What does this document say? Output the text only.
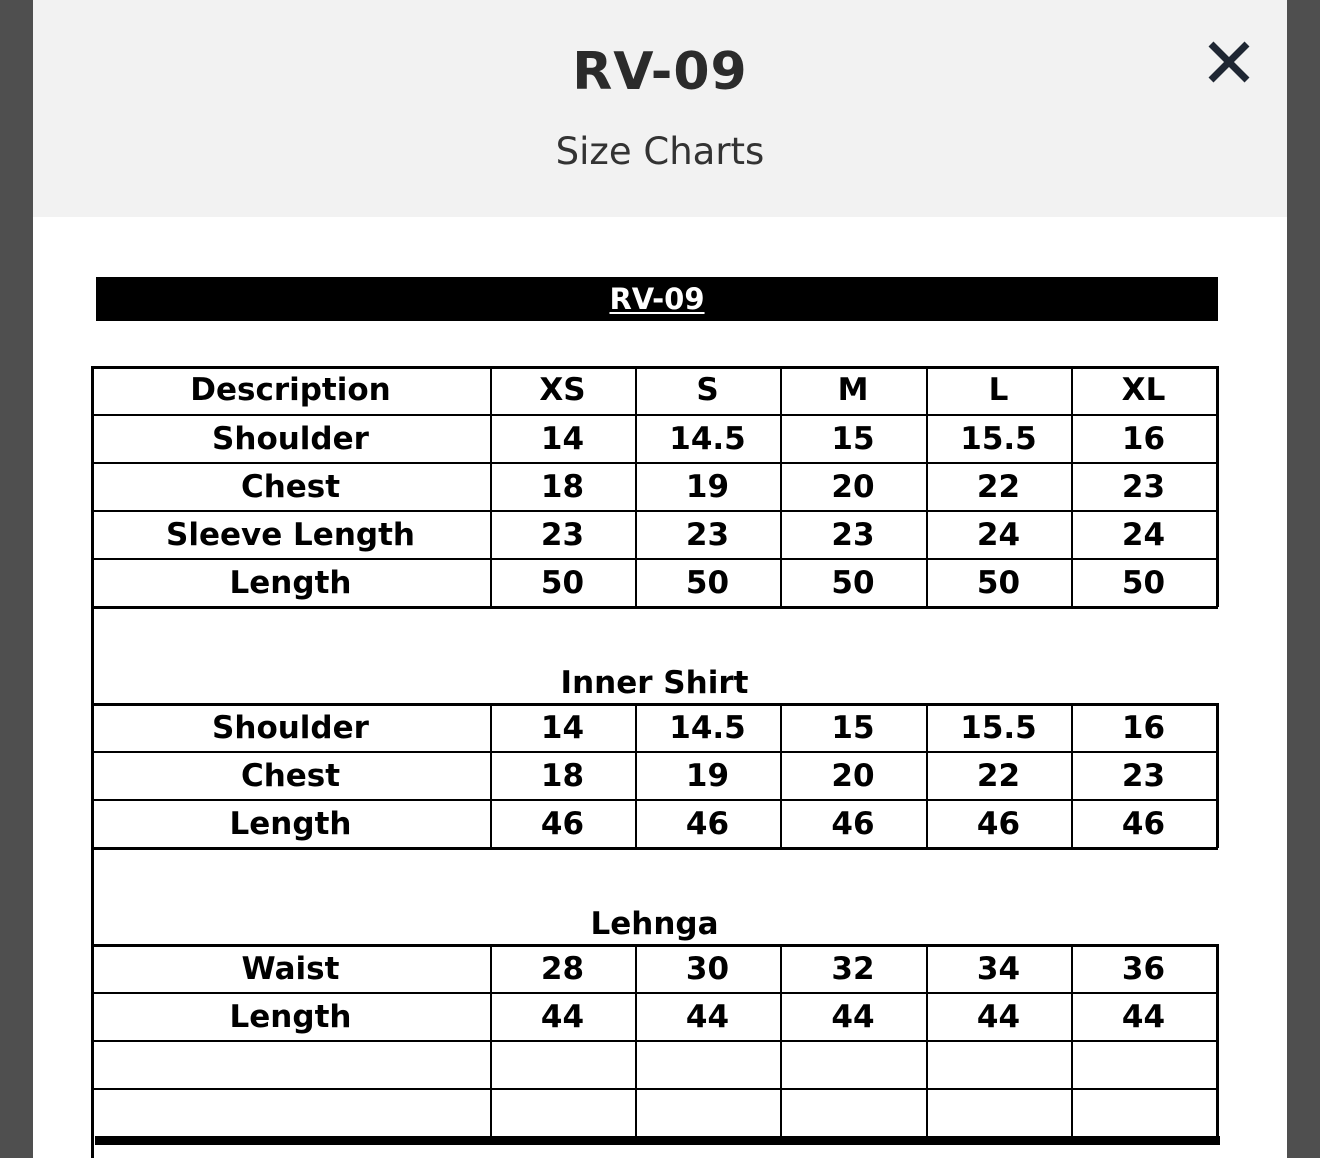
RV-09
Size Charts
RV-09
Description	XS	S	M	L	XL
Shoulder	14	14.5	15	15.5	16
Chest	18	19	20	22	23
Sleeve Length	23	23	23	24	24
Length	50	50	50	50	50
Inner Shirt
Shoulder	14	14.5	15	15.5	16
Chest	18	19	20	22	23
Length	46	46	46	46	46
Lehnga
Waist	28	30	32	34	36
Length	44	44	44	44	44
